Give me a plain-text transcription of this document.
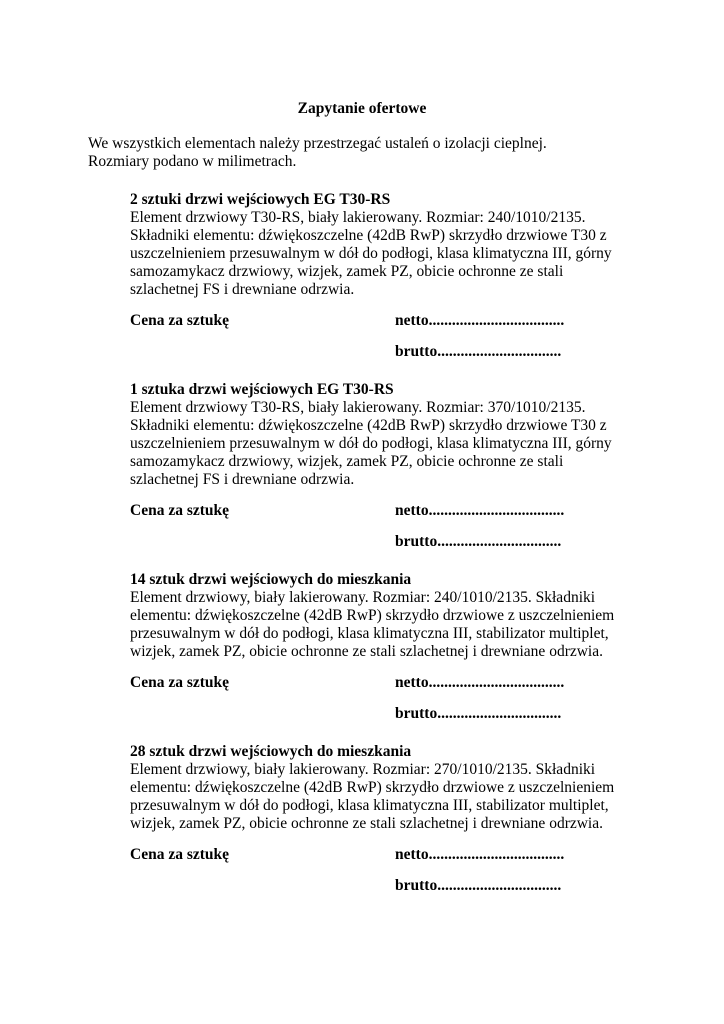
Zapytanie ofertowe
We wszystkich elementach należy przestrzegać ustaleń o izolacji cieplnej.
Rozmiary podano w milimetrach.
2 sztuki drzwi wejściowych EG T30-RS

Element drzwiowy T30-RS, biały lakierowany. Rozmiar: 240/1010/2135. Składniki elementu: dźwiękoszczelne (42dB RwP) skrzydło drzwiowe T30 z uszczelnieniem przesuwalnym w dół do podłogi, klasa klimatyczna III, górny samozamykacz drzwiowy, wizjek, zamek PZ, obicie ochronne ze stali szlachetnej FS i drewniane odrzwia.

Cena za sztukę	netto...................................
brutto................................
1 sztuka drzwi wejściowych EG T30-RS

Element drzwiowy T30-RS, biały lakierowany. Rozmiar: 370/1010/2135. Składniki elementu: dźwiękoszczelne (42dB RwP) skrzydło drzwiowe T30 z uszczelnieniem przesuwalnym w dół do podłogi, klasa klimatyczna III, górny samozamykacz drzwiowy, wizjek, zamek PZ, obicie ochronne ze stali szlachetnej FS i drewniane odrzwia.

Cena za sztukę	netto...................................
brutto................................
14 sztuk drzwi wejściowych do mieszkania

Element drzwiowy, biały lakierowany. Rozmiar: 240/1010/2135. Składniki elementu: dźwiękoszczelne (42dB RwP) skrzydło drzwiowe z uszczelnieniem przesuwalnym w dół do podłogi, klasa klimatyczna III, stabilizator multiplet, wizjek, zamek PZ, obicie ochronne ze stali szlachetnej i drewniane odrzwia.

Cena za sztukę	netto...................................
brutto................................
28 sztuk drzwi wejściowych do mieszkania

Element drzwiowy, biały lakierowany. Rozmiar: 270/1010/2135. Składniki elementu: dźwiękoszczelne (42dB RwP) skrzydło drzwiowe z uszczelnieniem przesuwalnym w dół do podłogi, klasa klimatyczna III, stabilizator multiplet, wizjek, zamek PZ, obicie ochronne ze stali szlachetnej i drewniane odrzwia.

Cena za sztukę	netto...................................
brutto................................
